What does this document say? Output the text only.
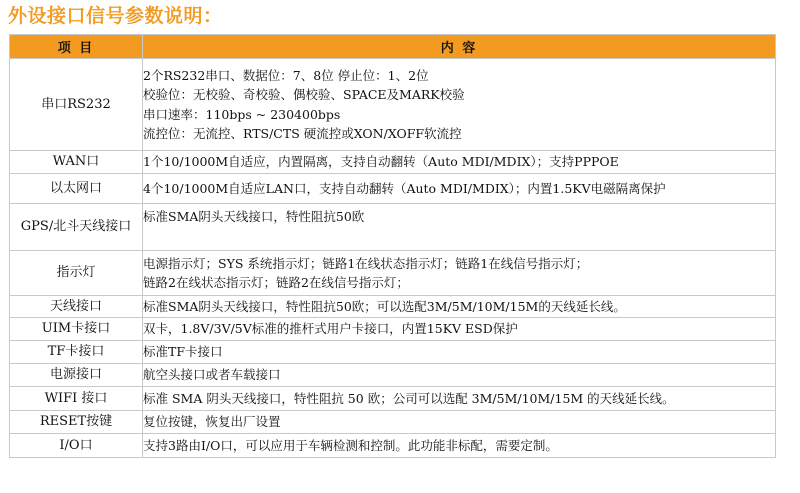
外设接口信号参数说明：
项 目	内 容
串口RS232	2个RS232串口、数据位：7、8位 停止位：1、2位
校验位：无校验、奇校验、偶校验、SPACE及MARK校验
串口速率：110bps ~ 230400bps
流控位：无流控、RTS/CTS 硬流控或XON/XOFF软流控

WAN口	1个10/1000M自适应，内置隔离，支持自动翻转（Auto MDI/MDIX）；支持PPPOE

以太网口	4个10/1000M自适应LAN口，支持自动翻转（Auto MDI/MDIX）；内置1.5KV电磁隔离保护

GPS/北斗天线接口	标准SMA阴头天线接口，特性阻抗50欧

指示灯	电源指示灯；SYS 系统指示灯；链路1在线状态指示灯；链路1在线信号指示灯；
链路2在线状态指示灯；链路2在线信号指示灯；

天线接口	标准SMA阴头天线接口，特性阻抗50欧；可以选配3M/5M/10M/15M的天线延长线。

UIM卡接口	双卡，1.8V/3V/5V标准的推杆式用户卡接口，内置15KV ESD保护

TF卡接口	标准TF卡接口

电源接口	航空头接口或者车载接口

WIFI 接口	标准 SMA 阴头天线接口，特性阻抗 50 欧；公司可以选配 3M/5M/10M/15M 的天线延长线。

RESET按键	复位按键，恢复出厂设置

I/O口	支持3路由I/O口，可以应用于车辆检测和控制。此功能非标配，需要定制。
